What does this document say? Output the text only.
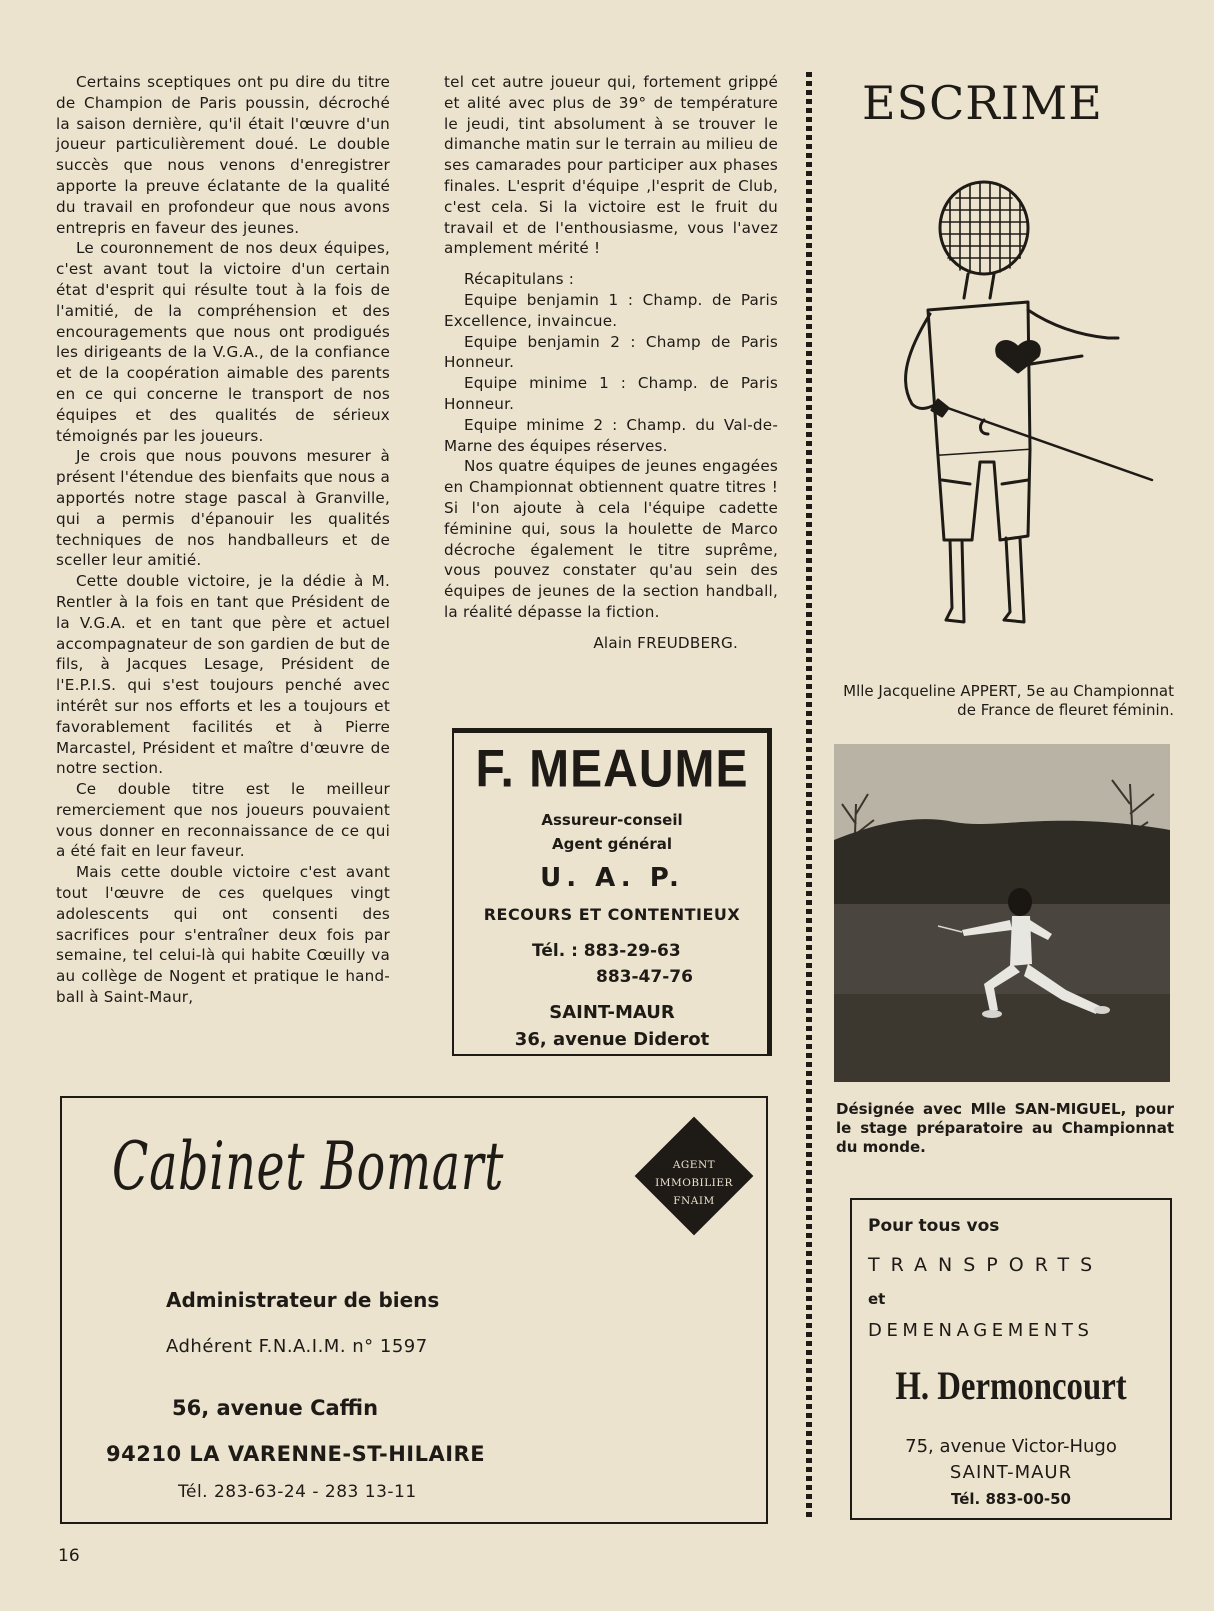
Certains sceptiques ont pu dire du titre de Champion de Paris poussin, décroché la saison dernière, qu'il était l'œuvre d'un joueur particulièrement doué. Le double succès que nous venons d'enregistrer apporte la preuve éclatante de la qualité du travail en profondeur que nous avons entrepris en faveur des jeunes.

Le couronnement de nos deux équipes, c'est avant tout la victoire d'un certain état d'esprit qui résulte tout à la fois de l'amitié, de la compréhension et des encouragements que nous ont prodigués les dirigeants de la V.G.A., de la confiance et de la coopération aimable des parents en ce qui concerne le transport de nos équipes et des qualités de sérieux témoignés par les joueurs.

Je crois que nous pouvons mesurer à présent l'étendue des bienfaits que nous a apportés notre stage pascal à Granville, qui a permis d'épanouir les qualités techniques de nos handballeurs et de sceller leur amitié.

Cette double victoire, je la dédie à M. Rentler à la fois en tant que Président de la V.G.A. et en tant que père et actuel accompagnateur de son gardien de but de fils, à Jacques Lesage, Président de l'E.P.I.S. qui s'est toujours penché avec intérêt sur nos efforts et les a toujours et favorablement facilités et à Pierre Marcastel, Président et maître d'œuvre de notre section.

Ce double titre est le meilleur remerciement que nos joueurs pouvaient vous donner en reconnaissance de ce qui a été fait en leur faveur.

Mais cette double victoire c'est avant tout l'œuvre de ces quelques vingt adolescents qui ont consenti des sacrifices pour s'entraîner deux fois par semaine, tel celui-là qui habite Cœuilly va au collège de Nogent et pratique le hand-ball à Saint-Maur,

tel cet autre joueur qui, fortement grippé et alité avec plus de 39° de température le jeudi, tint absolument à se trouver le dimanche matin sur le terrain au milieu de ses camarades pour participer aux phases finales. L'esprit d'équipe ,l'esprit de Club, c'est cela. Si la victoire est le fruit du travail et de l'enthousiasme, vous l'avez amplement mérité !

Récapitulans :

Equipe benjamin 1 : Champ. de Paris Excellence, invaincue.

Equipe benjamin 2 : Champ de Paris Honneur.

Equipe minime 1 : Champ. de Paris Honneur.

Equipe minime 2 : Champ. du Val-de-Marne des équipes réserves.

Nos quatre équipes de jeunes engagées en Championnat obtiennent quatre titres ! Si l'on ajoute à cela l'équipe cadette féminine qui, sous la houlette de Marco décroche également le titre suprême, vous pouvez constater qu'au sein des équipes de jeunes de la section handball, la réalité dépasse la fiction.

Alain FREUDBERG.

F. MEAUME
Assureur-conseil
Agent général
U. A. P.
RECOURS ET CONTENTIEUX
Tél. : 883-29-63
883-47-76
SAINT-MAUR
36, avenue Diderot
Cabinet Bomart	AGENT
IMMOBILIER
FNAIM
Administrateur de biens
Adhérent F.N.A.I.M. n° 1597
56, avenue Caffin
94210 LA VARENNE-ST-HILAIRE
Tél. 283-63-24 - 283 13-11
ESCRIME
Mlle Jacqueline APPERT, 5e au Championnat de France de fleuret féminin.
Désignée avec Mlle SAN-MIGUEL, pour le stage préparatoire au Championnat du monde.
Pour tous vos
TRANSPORTS
et
DEMENAGEMENTS
H. Dermoncourt
75, avenue Victor-Hugo
SAINT-MAUR
Tél. 883-00-50
16
